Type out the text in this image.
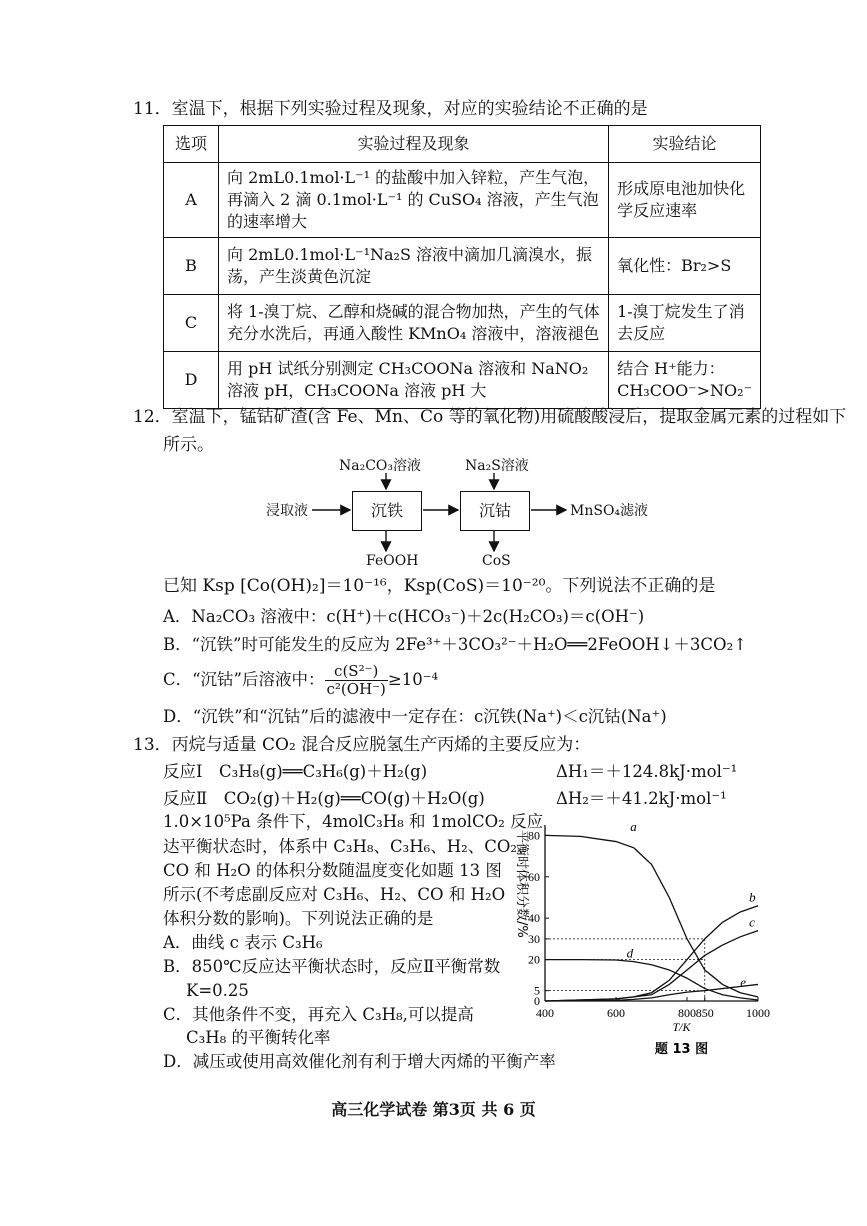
11．室温下，根据下列实验过程及现象，对应的实验结论不正确的是
选项	实验过程及现象	实验结论
A	向 2mL0.1mol·L⁻¹ 的盐酸中加入锌粒，产生气泡，再滴入 2 滴 0.1mol·L⁻¹ 的 CuSO₄ 溶液，产生气泡的速率增大	形成原电池加快化学反应速率
B	向 2mL0.1mol·L⁻¹Na₂S 溶液中滴加几滴溴水，振荡，产生淡黄色沉淀	氧化性：Br₂>S
C	将 1-溴丁烷、乙醇和烧碱的混合物加热，产生的气体充分水洗后，再通入酸性 KMnO₄ 溶液中，溶液褪色	1-溴丁烷发生了消去反应
D	用 pH 试纸分别测定 CH₃COONa 溶液和 NaNO₂ 溶液 pH，CH₃COONa 溶液 pH 大	结合 H⁺能力：CH₃COO⁻>NO₂⁻
12．室温下，锰钴矿渣(含 Fe、Mn、Co 等的氧化物)用硫酸酸浸后，提取金属元素的过程如下
所示。
Na₂CO₃溶液	Na₂S溶液
浸取液	沉铁	沉钴	MnSO₄滤液
FeOOH	CoS
已知 Ksp [Co(OH)₂]＝10⁻¹⁶，Ksp(CoS)＝10⁻²⁰。下列说法不正确的是
A．Na₂CO₃ 溶液中：c(H⁺)＋c(HCO₃⁻)＋2c(H₂CO₃)＝c(OH⁻)
B．“沉铁”时可能发生的反应为 2Fe³⁺＋3CO₃²⁻＋H₂O══2FeOOH↓＋3CO₂↑
C．“沉钴”后溶液中： $\frac{\text{c(S²⁻)}}{\text{c²(OH⁻)}} \ge 10^{-4}$
D．“沉铁”和“沉钴”后的滤液中一定存在：c沉铁(Na⁺)＜c沉钴(Na⁺)
13．丙烷与适量 CO₂ 混合反应脱氢生产丙烯的主要反应为：
反应Ⅰ　C₃H₈(g)══C₃H₆(g)＋H₂(g)	ΔH₁＝＋124.8kJ·mol⁻¹
反应Ⅱ　CO₂(g)＋H₂(g)══CO(g)＋H₂O(g)	ΔH₂＝＋41.2kJ·mol⁻¹
1.0×10⁵Pa 条件下，4molC₃H₈ 和 1molCO₂ 反应
达平衡状态时，体系中 C₃H₈、C₃H₆、H₂、CO₂、
CO 和 H₂O 的体积分数随温度变化如题 13 图
所示(不考虑副反应对 C₃H₆、H₂、CO 和 H₂O
体积分数的影响)。下列说法正确的是
A．曲线 c 表示 C₃H₆
B．850℃反应达平衡状态时，反应Ⅱ平衡常数
K=0.25
C．其他条件不变，再充入 C₃H₈,可以提高
C₃H₈ 的平衡转化率
D．减压或使用高效催化剂有利于增大丙烯的平衡产率
400	600	800 850	1000
0
5
20
30
40
60
80
a
b
c
d
e
平衡时体积分数/%
T/K
题 13 图
高三化学试卷 第3页 共 6 页
